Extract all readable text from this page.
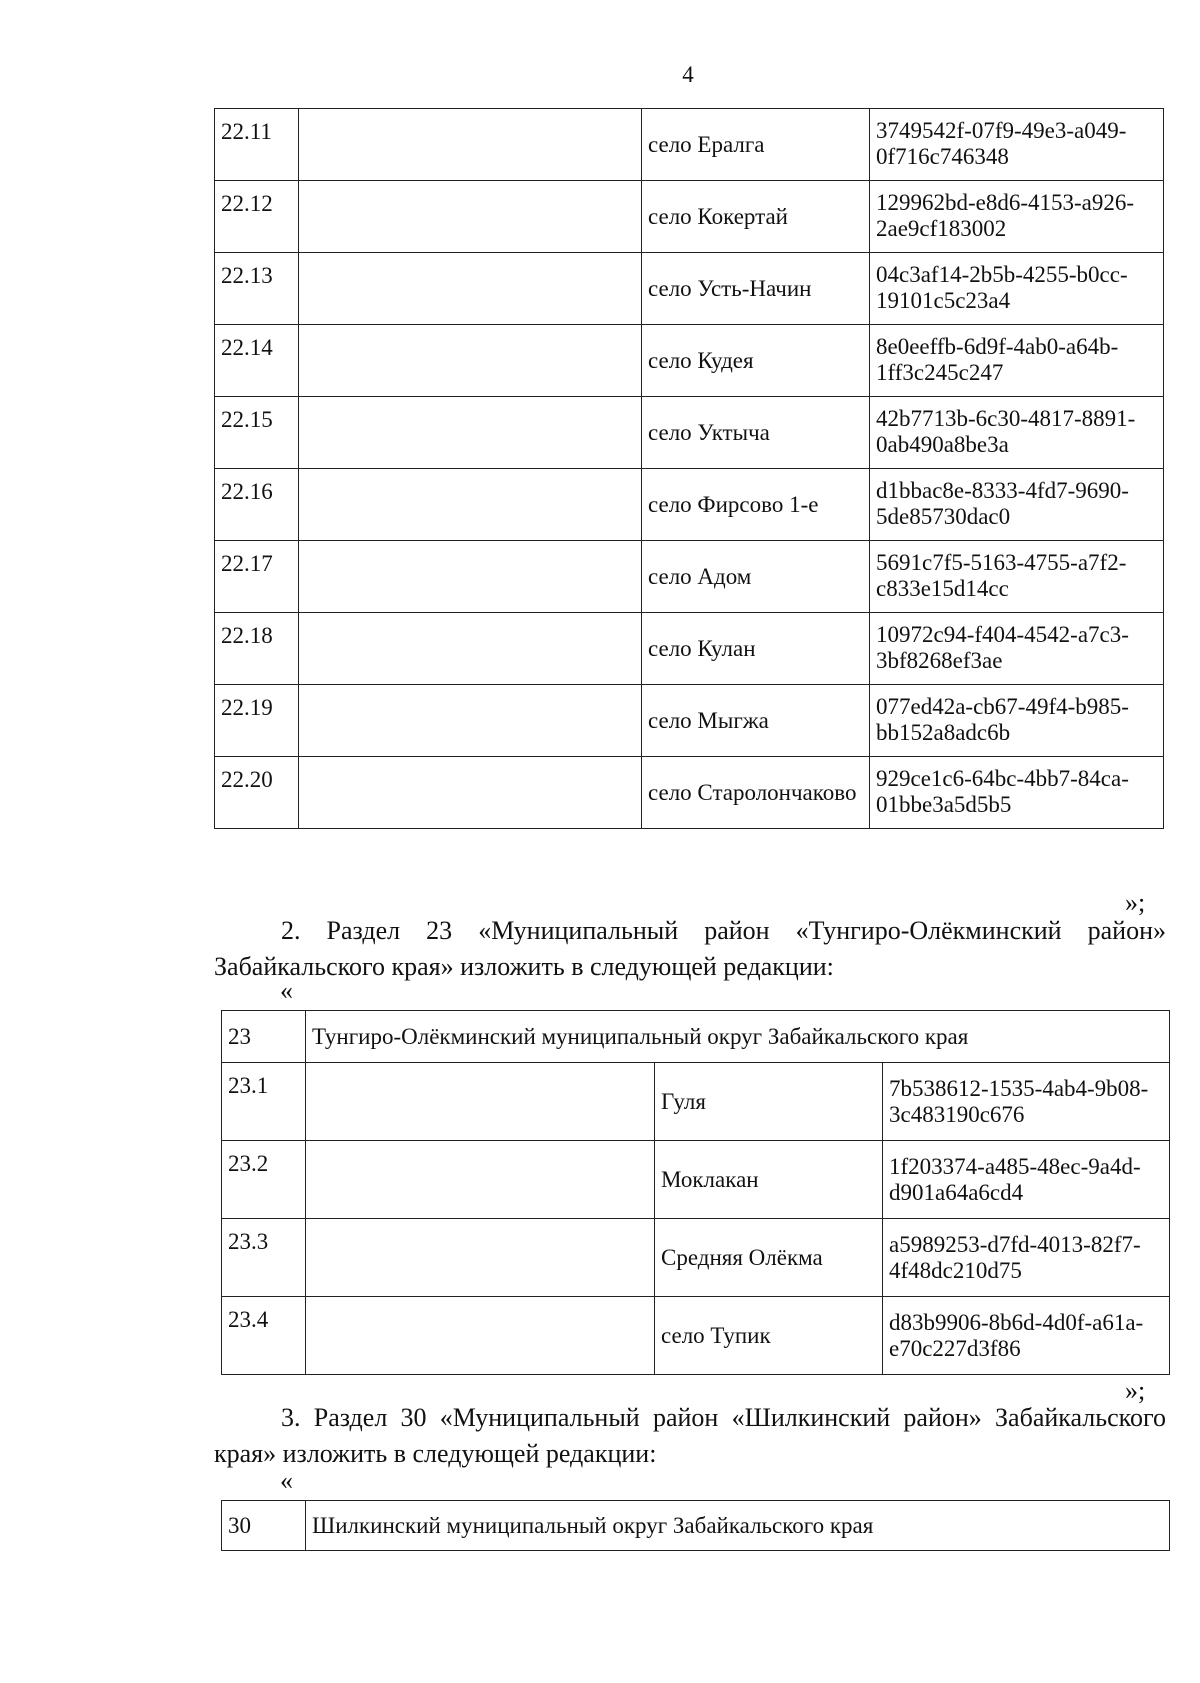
4
22.11		село Ералга	3749542f-07f9-49e3-a049-0f716c746348
22.12		село Кокертай	129962bd-e8d6-4153-a926-2ae9cf183002
22.13		село Усть-Начин	04c3af14-2b5b-4255-b0cc-19101c5c23a4
22.14		село Кудея	8e0eeffb-6d9f-4ab0-a64b-1ff3c245c247
22.15		село Уктыча	42b7713b-6c30-4817-8891-0ab490a8be3a
22.16		село Фирсово 1-е	d1bbac8e-8333-4fd7-9690-5de85730dac0
22.17		село Адом	5691c7f5-5163-4755-a7f2-c833e15d14cc
22.18		село Кулан	10972c94-f404-4542-a7c3-3bf8268ef3ae
22.19		село Мыгжа	077ed42a-cb67-49f4-b985-bb152a8adc6b
22.20		село Старолончаково	929ce1c6-64bc-4bb7-84ca-01bbe3a5d5b5
»;
2. Раздел 23 «Муниципальный район «Тунгиро-Олёкминский район» Забайкальского края» изложить в следующей редакции:
«
23	Тунгиро-Олёкминский муниципальный округ Забайкальского края		
23.1		Гуля	7b538612-1535-4ab4-9b08-3c483190c676
23.2		Моклакан	1f203374-a485-48ec-9a4d-d901a64a6cd4
23.3		Средняя Олёкма	a5989253-d7fd-4013-82f7-4f48dc210d75
23.4		село Тупик	d83b9906-8b6d-4d0f-a61a-e70c227d3f86
»;
3. Раздел 30 «Муниципальный район «Шилкинский район» Забайкальского края» изложить в следующей редакции:
«
30	Шилкинский муниципальный округ Забайкальского края
